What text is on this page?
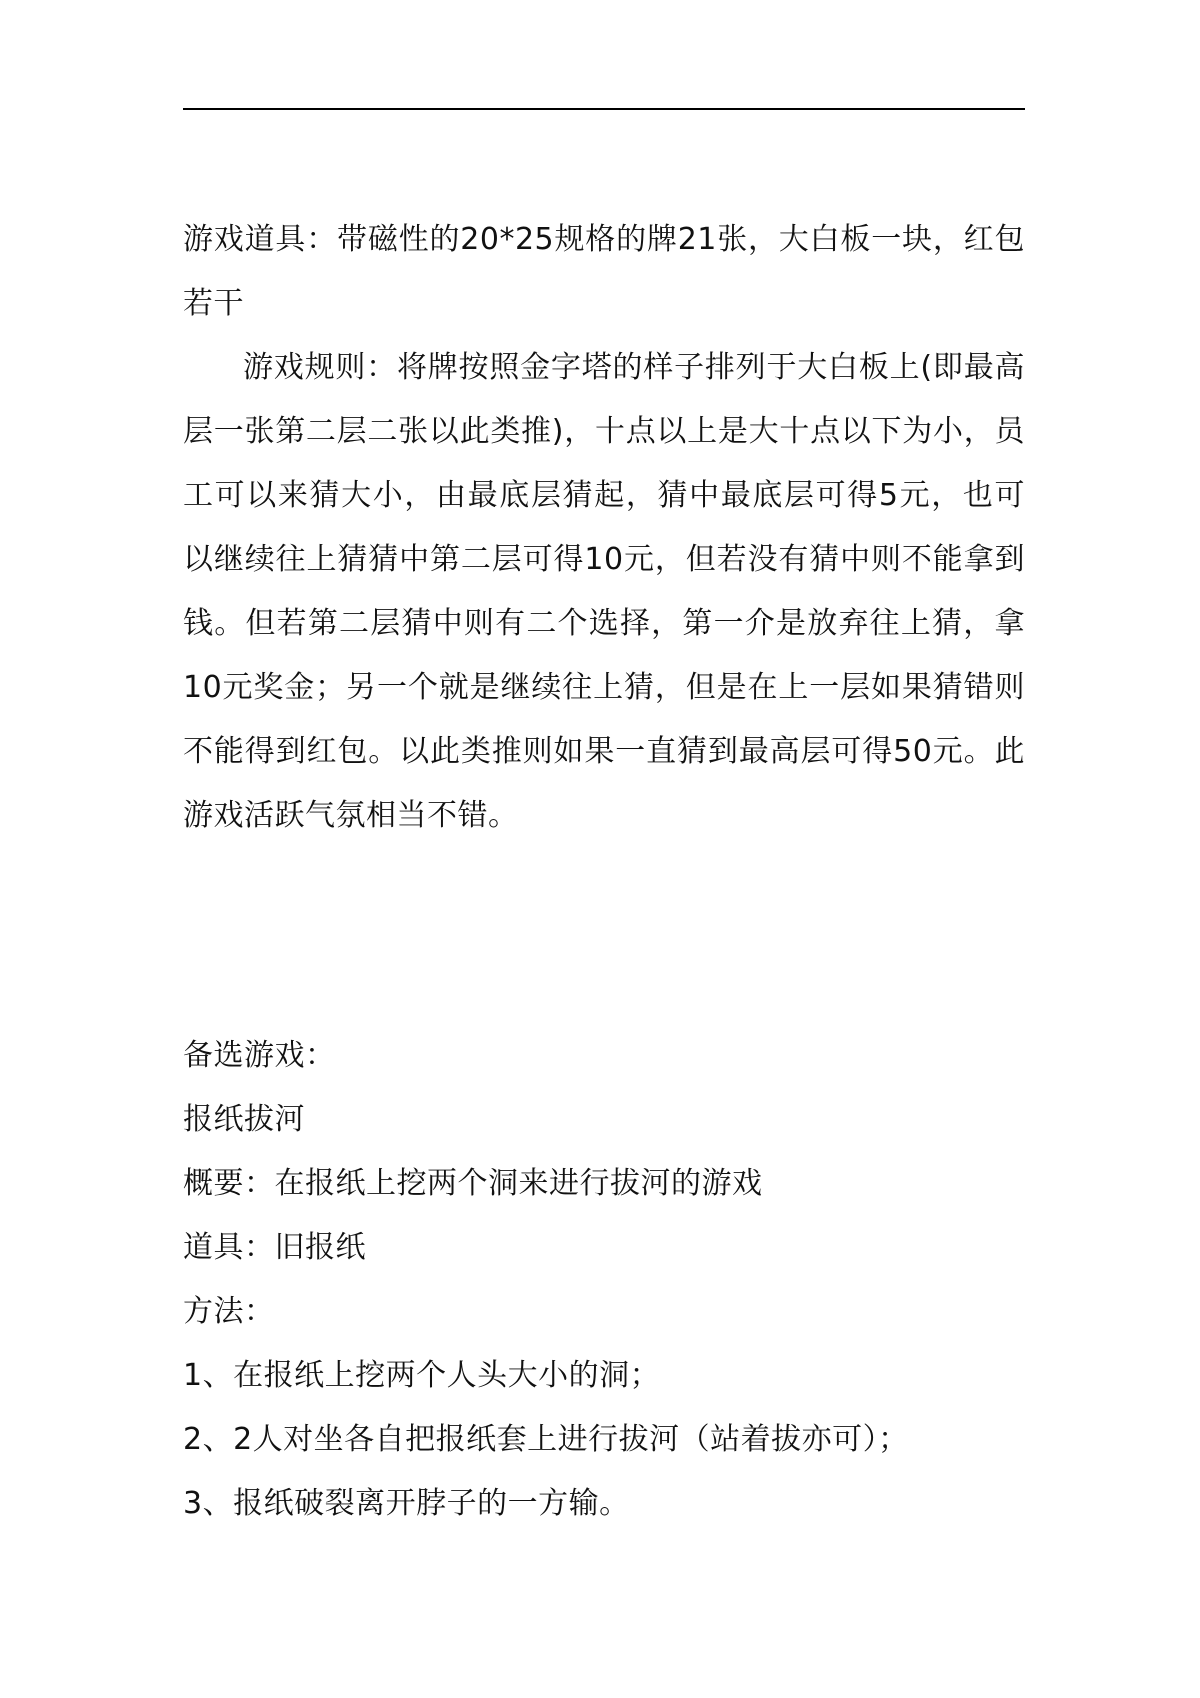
游戏道具：带磁性的20*25规格的牌21张，大白板一块，红包若干

游戏规则：将牌按照金字塔的样子排列于大白板上(即最高层一张第二层二张以此类推)，十点以上是大十点以下为小，员工可以来猜大小，由最底层猜起，猜中最底层可得5元，也可以继续往上猜猜中第二层可得10元，但若没有猜中则不能拿到钱。但若第二层猜中则有二个选择，第一介是放弃往上猜，拿10元奖金；另一个就是继续往上猜，但是在上一层如果猜错则不能得到红包。以此类推则如果一直猜到最高层可得50元。此游戏活跃气氛相当不错。

备选游戏：

报纸拔河

概要：在报纸上挖两个洞来进行拔河的游戏

道具：旧报纸

方法：

1、在报纸上挖两个人头大小的洞；

2、2人对坐各自把报纸套上进行拔河（站着拔亦可）；

3、报纸破裂离开脖子的一方输。
